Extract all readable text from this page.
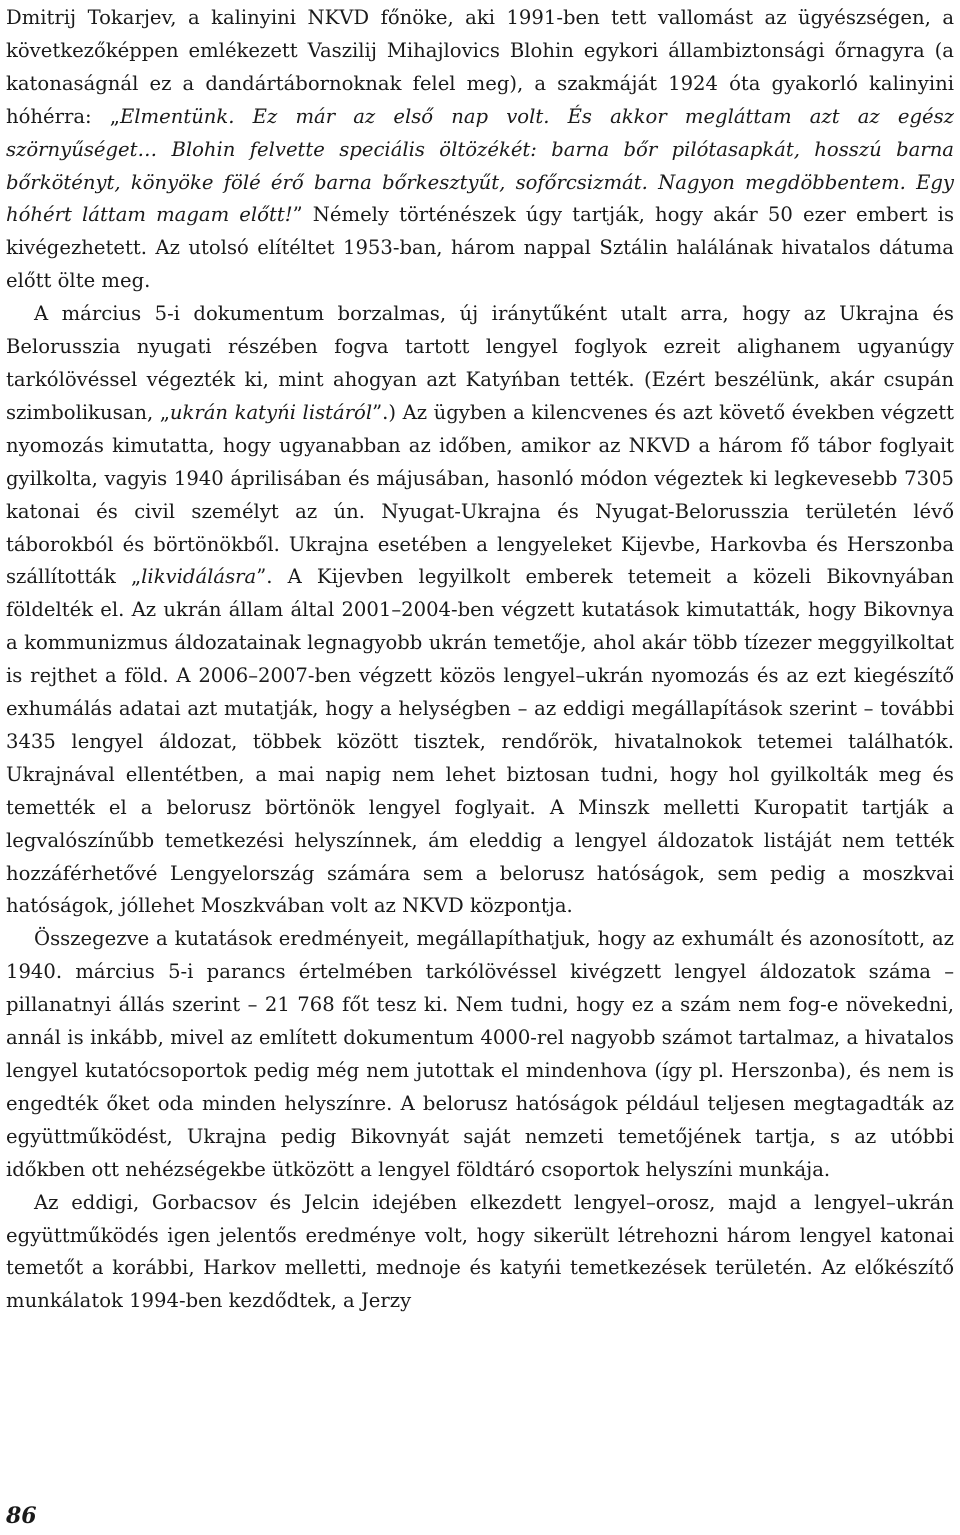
Dmitrij Tokarjev, a kalinyini NKVD főnöke, aki 1991-ben tett vallomást az ügyészségen, a következőképpen emlékezett Vaszilij Mihajlovics Blohin egykori állambiztonsági őrnagyra (a katonaságnál ez a dandártábornoknak felel meg), a szakmáját 1924 óta gyakorló kalinyini hóhérra: „Elmentünk. Ez már az első nap volt. És akkor megláttam azt az egész szörnyűséget… Blohin felvette speciális öltözékét: barna bőr pilótasapkát, hosszú barna bőrkötényt, könyöke fölé érő barna bőrkesztyűt, sofőrcsizmát. Nagyon megdöbbentem. Egy hóhért láttam magam előtt!” Némely történészek úgy tartják, hogy akár 50 ezer embert is kivégezhetett. Az utolsó elítéltet 1953-ban, három nappal Sztálin halálának hivatalos dátuma előtt ölte meg.

A március 5-i dokumentum borzalmas, új iránytűként utalt arra, hogy az Ukrajna és Belorusszia nyugati részében fogva tartott lengyel foglyok ezreit alighanem ugyanúgy tarkólövéssel végezték ki, mint ahogyan azt Katyńban tették. (Ezért beszélünk, akár csupán szimbolikusan, „ukrán katyńi listáról”.) Az ügyben a kilencvenes és azt követő években végzett nyomozás kimutatta, hogy ugyanabban az időben, amikor az NKVD a három fő tábor foglyait gyilkolta, vagyis 1940 áprilisában és májusában, hasonló módon végeztek ki legkevesebb 7305 katonai és civil személyt az ún. Nyugat-Ukrajna és Nyugat-Belorusszia területén lévő táborokból és börtönökből. Ukrajna esetében a lengyeleket Kijevbe, Harkovba és Herszonba szállították „likvidálásra”. A Kijevben legyilkolt emberek tetemeit a közeli Bikovnyában földelték el. Az ukrán állam által 2001–2004-ben végzett kutatások kimutatták, hogy Bikovnya a kommunizmus áldozatainak legnagyobb ukrán temetője, ahol akár több tízezer meggyilkoltat is rejthet a föld. A 2006–2007-ben végzett közös lengyel–ukrán nyomozás és az ezt kiegészítő exhumálás adatai azt mutatják, hogy a helységben – az eddigi megállapítások szerint – további 3435 lengyel áldozat, többek között tisztek, rendőrök, hivatalnokok tetemei találhatók. Ukrajnával ellentétben, a mai napig nem lehet biztosan tudni, hogy hol gyilkolták meg és temették el a belorusz börtönök lengyel foglyait. A Minszk melletti Kuropatit tartják a legvalószínűbb temetkezési helyszínnek, ám eleddig a lengyel áldozatok listáját nem tették hozzáférhetővé Lengyelország számára sem a belorusz hatóságok, sem pedig a moszkvai hatóságok, jóllehet Moszkvában volt az NKVD központja.

Összegezve a kutatások eredményeit, megállapíthatjuk, hogy az exhumált és azonosított, az 1940. március 5-i parancs értelmében tarkólövéssel kivégzett lengyel áldozatok száma – pillanatnyi állás szerint – 21 768 főt tesz ki. Nem tudni, hogy ez a szám nem fog-e növekedni, annál is inkább, mivel az említett dokumentum 4000-rel nagyobb számot tartalmaz, a hivatalos lengyel kutatócsoportok pedig még nem jutottak el mindenhova (így pl. Herszonba), és nem is engedték őket oda minden helyszínre. A belorusz hatóságok például teljesen megtagadták az együttműködést, Ukrajna pedig Bikovnyát saját nemzeti temetőjének tartja, s az utóbbi időkben ott nehézségekbe ütközött a lengyel földtáró csoportok helyszíni munkája.

Az eddigi, Gorbacsov és Jelcin idejében elkezdett lengyel–orosz, majd a lengyel–ukrán együttműködés igen jelentős eredménye volt, hogy sikerült létrehozni három lengyel katonai temetőt a korábbi, Harkov melletti, mednoje és katyńi temetkezések területén. Az előkészítő munkálatok 1994-ben kezdődtek, a Jerzy

86
